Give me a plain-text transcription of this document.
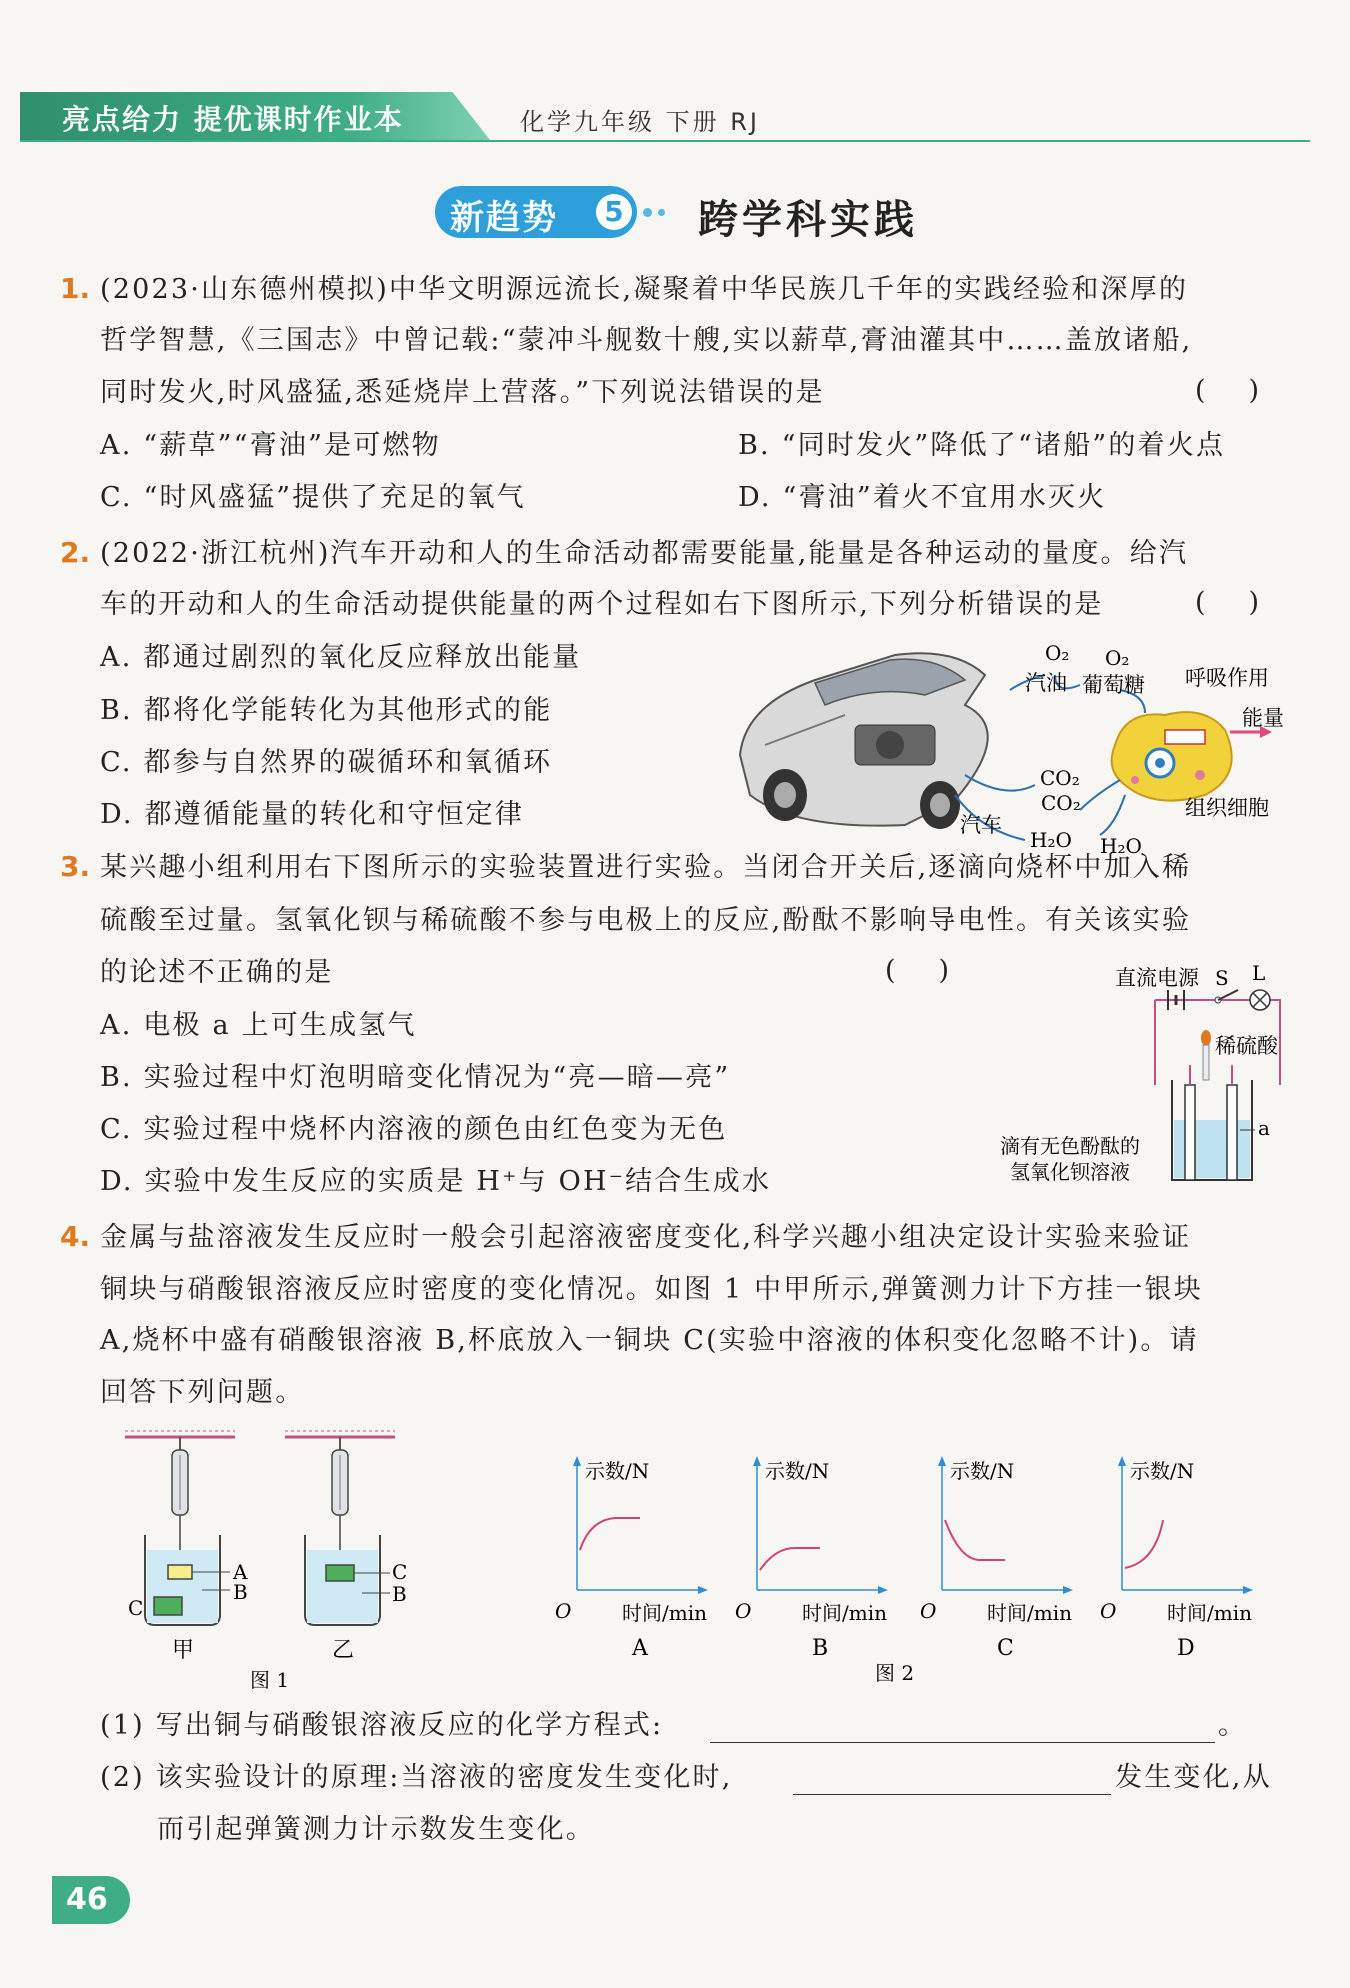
亮点给力 提优课时作业本	化学九年级 下册 RJ
新趋势 5 跨学科实践
1. (2023·山东德州模拟)中华文明源远流长,凝聚着中华民族几千年的实践经验和深厚的
哲学智慧,《三国志》中曾记载:“蒙冲斗舰数十艘,实以薪草,膏油灌其中……盖放诸船,
同时发火,时风盛猛,悉延烧岸上营落。”下列说法错误的是	(     )
A. “薪草”“膏油”是可燃物	B. “同时发火”降低了“诸船”的着火点
C. “时风盛猛”提供了充足的氧气	D. “膏油”着火不宜用水灭火
2. (2022·浙江杭州)汽车开动和人的生命活动都需要能量,能量是各种运动的量度。给汽
车的开动和人的生命活动提供能量的两个过程如右下图所示,下列分析错误的是	(     )
A. 都通过剧烈的氧化反应释放出能量
B. 都将化学能转化为其他形式的能
C. 都参与自然界的碳循环和氧循环
D. 都遵循能量的转化和守恒定律
O₂
汽油
O₂
葡萄糖 呼吸作用
能量
CO₂
汽车
H₂O
CO₂
H₂O
组织细胞
3. 某兴趣小组利用右下图所示的实验装置进行实验。当闭合开关后,逐滴向烧杯中加入稀
硫酸至过量。氢氧化钡与稀硫酸不参与电极上的反应,酚酞不影响导电性。有关该实验
的论述不正确的是	(     )
A. 电极 a 上可生成氢气
B. 实验过程中灯泡明暗变化情况为“亮—暗—亮”
C. 实验过程中烧杯内溶液的颜色由红色变为无色
D. 实验中发生反应的实质是 H⁺与 OH⁻结合生成水
直流电源 S L
稀硫酸
a
滴有无色酚酞的
氢氧化钡溶液
4. 金属与盐溶液发生反应时一般会引起溶液密度变化,科学兴趣小组决定设计实验来验证
铜块与硝酸银溶液反应时密度的变化情况。如图 1 中甲所示,弹簧测力计下方挂一银块
A,烧杯中盛有硝酸银溶液 B,杯底放入一铜块 C(实验中溶液的体积变化忽略不计)。请
回答下列问题。
A
B
C
C
B
甲	乙
图 1
示数/N
O	时间/min
A
示数/N
O	时间/min
B
示数/N
O	时间/min
C
示数/N
O	时间/min
D
图 2
(1) 写出铜与硝酸银溶液反应的化学方程式:	。
(2) 该实验设计的原理:当溶液的密度发生变化时,	发生变化,从
而引起弹簧测力计示数发生变化。
46
